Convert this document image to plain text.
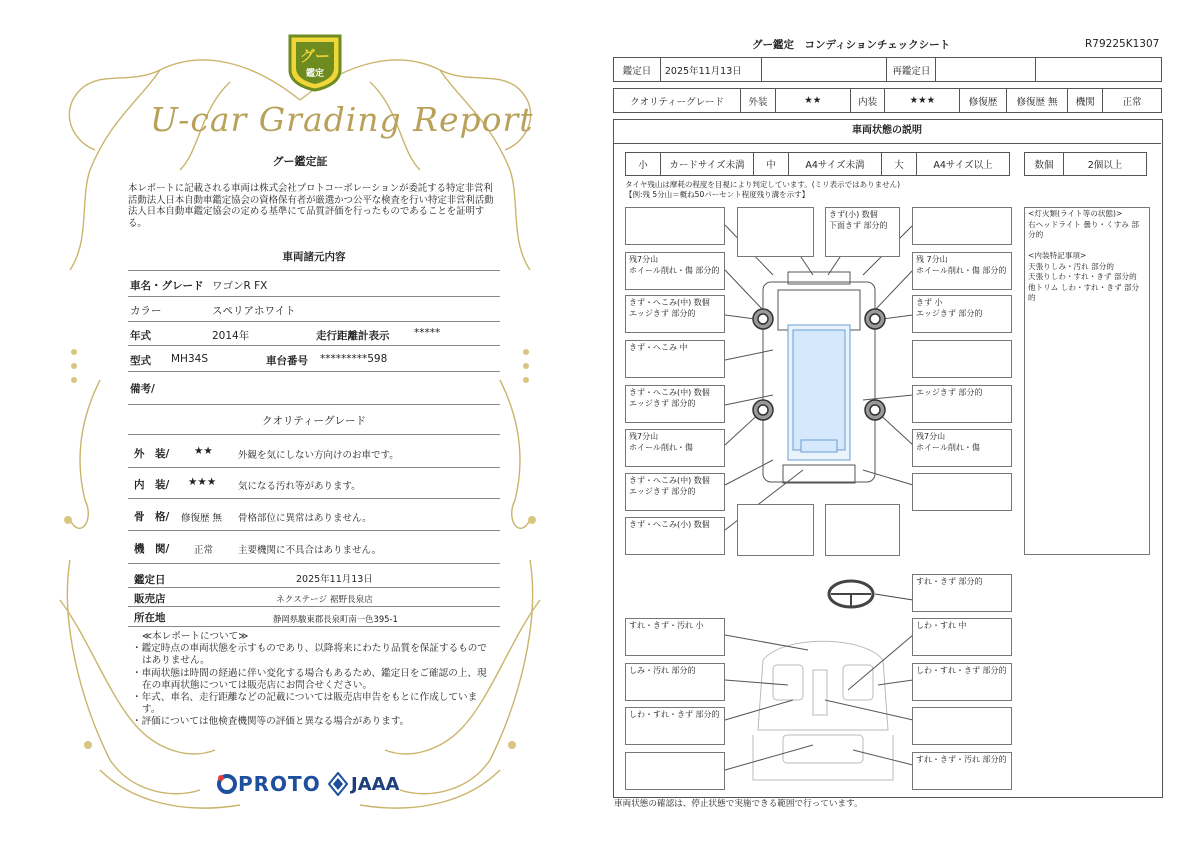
グー
鑑定
U-car Grading Report
グー鑑定証
本レポートに記載される車両は株式会社プロトコーポレーションが委託する特定非営利活動法人日本自動車鑑定協会の資格保有者が厳選かつ公平な検査を行い特定非営利活動法人日本自動車鑑定協会の定める基準にて品質評価を行ったものであることを証明する。
車両諸元内容
車名・グレード ワゴンR FX
カラー	スペリアホワイト
年式	2014年	走行距離計表示 *****
型式 MH34S	車台番号 *********598
備考/
クオリティーグレード
外　装/ ★★	外観を気にしない方向けのお車です。
内　装/ ★★★ 気になる汚れ等があります。
骨　格/ 修復歴 無 骨格部位に異常はありません。
機　関/	正常	主要機関に不具合はありません。
鑑定日	2025年11月13日
販売店	ネクステージ 裾野長泉店
所在地	静岡県駿東郡長泉町南一色395-1
≪本レポートについて≫
・鑑定時点の車両状態を示すものであり、以降将来にわたり品質を保証するものではありません。
・車両状態は時間の経過に伴い変化する場合もあるため、鑑定日をご確認の上、現在の車両状態については販売店にお問合せください。
・年式、車名、走行距離などの記載については販売店申告をもとに作成しています。
・評価については他検査機関等の評価と異なる場合があります。
PROTO JAAA
グー鑑定　コンディションチェックシート	R79225K1307
鑑定日	2025年11月13日		再鑑定日		
クオリティーグレード	外装	★★	内装	★★★	修復歴	修復歴 無	機関	正常
車両状態の説明
小	カードサイズ未満	中	A4サイズ未満	大	A4サイズ以上	数個	2個以上
タイヤ残山は摩耗の程度を目視により判定しています。(ミリ表示ではありません)
【例:残 5分山＝概ね50パーセント程度残り溝を示す】
残7分山
ホイール削れ・傷 部分的
きず・へこみ(中) 数個
エッジきず 部分的
きず・へこみ 中
きず・へこみ(中) 数個
エッジきず 部分的
残7分山
ホイール削れ・傷
きず・へこみ(中) 数個
エッジきず 部分的
きず・へこみ(小) 数個
きず(小) 数個
下面きず 部分的
残 7分山
ホイール削れ・傷 部分的
きず 小
エッジきず 部分的
エッジきず 部分的
残7分山
ホイール削れ・傷
<灯火類(ライト等の状態)>
右ヘッドライト 曇り・くすみ 部分的

<内装特記事項>
天張りしみ・汚れ 部分的
天張りしわ・すれ・きず 部分的
他トリム しわ・すれ・きず 部分的
すれ・きず 部分的
すれ・きず・汚れ 小
しみ・汚れ 部分的
しわ・すれ・きず 部分的
しわ・すれ 中
しわ・すれ・きず 部分的
すれ・きず・汚れ 部分的
車両状態の確認は、停止状態で実施できる範囲で行っています。
